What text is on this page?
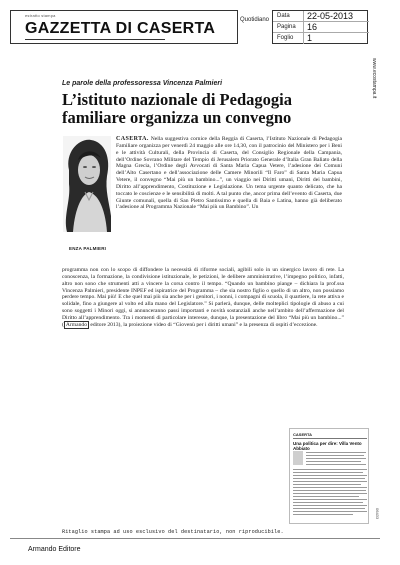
estratto stampa
GAZZETTA DI CASERTA	Quotidiano
Data 22-05-2013
Pagina 16
Foglio 1
www.ecostampa.it
Le parole della professoressa Vincenza Palmieri
L’istituto nazionale di Pedagogia familiare organizza un convegno
ENZA PALMIERI
CASERTA. Nella suggestiva cornice della Reggia di Caserta, l’Istituto Nazionale di Pedagogia Familiare organizza per venerdì 24 maggio alle ore 14,30, con il patrocinio del Ministero per i Beni e le attività Culturali, della Provincia di Caserta, del Consiglio Regionale della Campania, dell’Ordine Sovrano Militare del Tempio di Jerusalem Priorato Generale d’Italia Gran Baliato della Magna Grecia, l’Ordine degli Avvocati di Santa Maria Capua Vetere, l’adesione dei Comuni dell’Alto Casertano e dell’associazione delle Camere Minorili “Il Faro” di Santa Maria Capua Vetere, il convegno “Mai più un bambino...”, un viaggio nei Diritti umani, Diritti dei bambini, Diritto all’apprendimento, Costituzione e Legislazione. Un tema urgente quanto delicato, che ha toccato le coscienze e le sensibilità di molti. A tal punto che, ancor prima dell’evento di Caserta, due Giunte comunali, quella di San Pietro Santissimo e quella di Baia e Latina, hanno già deliberato l’adesione al Programma Nazionale “Mai più un Bambino”. Un
programma non con lo scopo di diffondere la necessità di riforme sociali, agibili solo in un sinergico lavoro di rete. La conoscenza, la formazione, la condivisione istituzionale, le petizioni, le delibere amministrative, l’impegno politico, infatti, altro non sono che strumenti atti a vincere la corsa contro il tempo. “Quando un bambino piange – dichiara la prof.ssa Vincenza Palmieri, presidente INPEF ed ispiratrice del Programma – che sia nostro figlio o quello di un altro, non possiamo perdere tempo. Mai più! E che quel mai più sia anche per i genitori, i nonni, i compagni di scuola, il quartiere, la rete attiva e solidale, fino a giungere al volto ed alla mano del Legislatore.” Si parlerà, dunque, delle molteplici tipologie di abuso a cui sono soggetti i Minori oggi, si annunceranno passi importanti e novità sostanziali anche nell’ambito dell’affermazione del Diritto all’apprendimento. Tra i momenti di particolare interesse, dunque, la presentazione del libro “Mai più un bambino...” ( Armando editore 2013), la proiezione video di “Giovenù per i diritti umani” e la presenza di ospiti d’eccezione.
CASERTA
Una politica per dire: Villa Vento Abbiato
06433
Ritaglio stampa ad uso esclusivo del destinatario, non riproducibile.
Armando Editore
